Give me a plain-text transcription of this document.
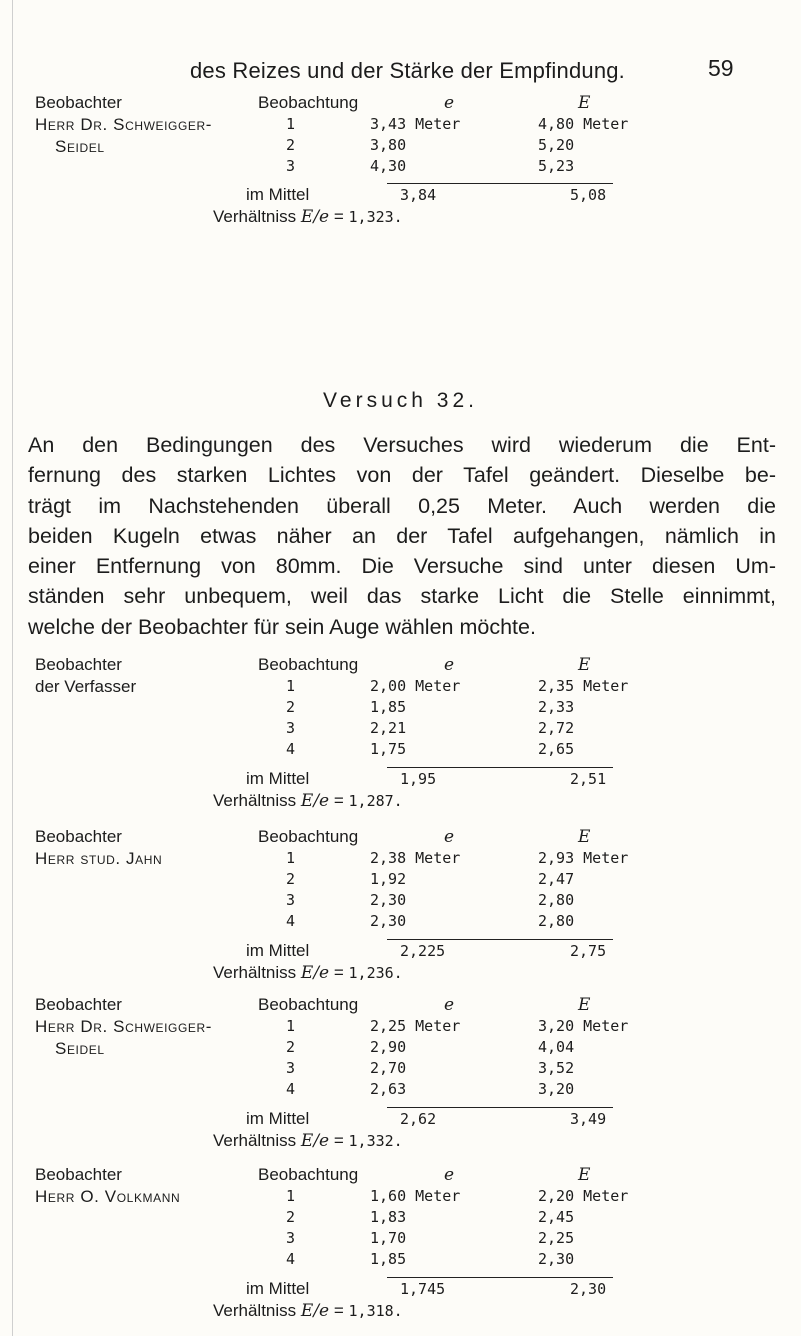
des Reizes und der Stärke der Empfindung.	59
Beobachter
Herr Dr. Schweigger-
Seidel
Beobachtung	e	E
1	3,43 Meter	4,80 Meter
2	3,80	5,20
3	4,30	5,23
im Mittel	3,84	5,08
Verhältniss E/e = 1,323.
Versuch 32.
An den Bedingungen des Versuches wird wiederum die Ent-
fernung des starken Lichtes von der Tafel geändert. Dieselbe be-
trägt im Nachstehenden überall 0,25 Meter. Auch werden die
beiden Kugeln etwas näher an der Tafel aufgehangen, nämlich in
einer Entfernung von 80mm. Die Versuche sind unter diesen Um-
ständen sehr unbequem, weil das starke Licht die Stelle einnimmt,
welche der Beobachter für sein Auge wählen möchte.
Beobachter
der Verfasser
Beobachtung	e	E
1	2,00 Meter	2,35 Meter
2	1,85	2,33
3	2,21	2,72
4	1,75	2,65
im Mittel	1,95	2,51
Verhältniss E/e = 1,287.
Beobachter
Herr stud. Jahn
Beobachtung	e	E
1	2,38 Meter	2,93 Meter
2	1,92	2,47
3	2,30	2,80
4	2,30	2,80
im Mittel	2,225	2,75
Verhältniss E/e = 1,236.
Beobachter
Herr Dr. Schweigger-
Seidel
Beobachtung	e	E
1	2,25 Meter	3,20 Meter
2	2,90	4,04
3	2,70	3,52
4	2,63	3,20
im Mittel	2,62	3,49
Verhältniss E/e = 1,332.
Beobachter
Herr O. Volkmann
Beobachtung	e	E
1	1,60 Meter	2,20 Meter
2	1,83	2,45
3	1,70	2,25
4	1,85	2,30
im Mittel	1,745	2,30
Verhältniss E/e = 1,318.
